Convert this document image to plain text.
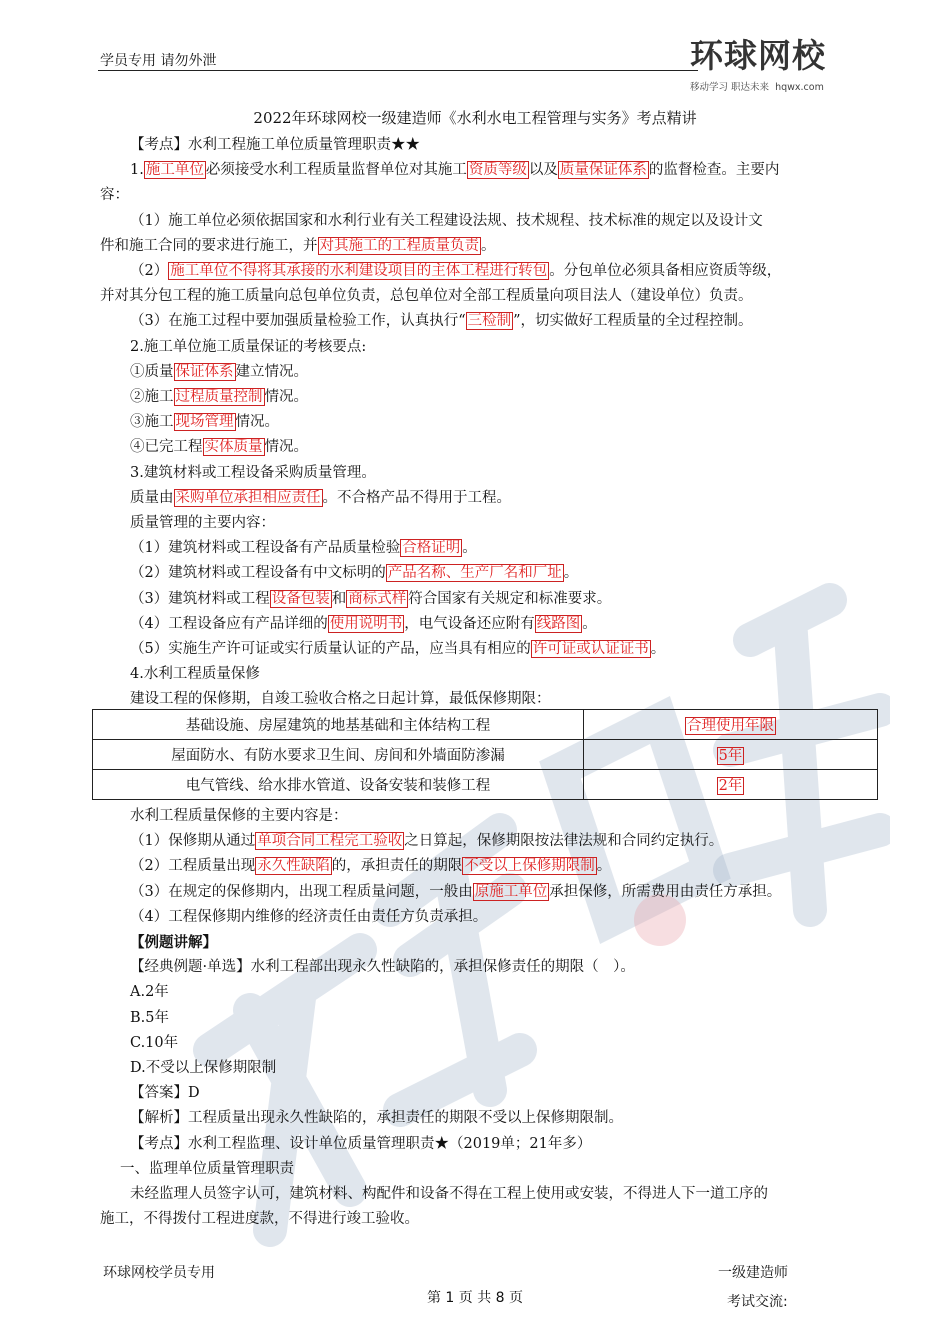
学员专用 请勿外泄	环球网校
移动学习 职达未来 hqwx.com
2022年环球网校一级建造师《水利水电工程管理与实务》考点精讲

【考点】水利工程施工单位质量管理职责★★

1. 施工单位 必须接受水利工程质量监督单位对其施工 资质等级 以及 质量保证体系 的监督检查。主要内

容：

（1）施工单位必须依据国家和水利行业有关工程建设法规、技术规程、技术标准的规定以及设计文

件和施工合同的要求进行施工，并 对其施工的工程质量负责 。

（2） 施工单位不得将其承接的水利建设项目的主体工程进行转包 。分包单位必须具备相应资质等级，

并对其分包工程的施工质量向总包单位负责，总包单位对全部工程质量向项目法人（建设单位）负责。

（3）在施工过程中要加强质量检验工作，认真执行“ 三检制 ”，切实做好工程质量的全过程控制。

2.施工单位施工质量保证的考核要点:

①质量 保证体系 建立情况。

②施工 过程质量控制 情况。

③施工 现场管理 情况。

④已完工程 实体质量 情况。

3.建筑材料或工程设备采购质量管理。

质量由 采购单位承担相应责任 。不合格产品不得用于工程。

质量管理的主要内容：

（1）建筑材料或工程设备有产品质量检验 合格证明 。

（2）建筑材料或工程设备有中文标明的 产品名称、生产厂名和厂址 。

（3）建筑材料或工程 设备包装 和 商标式样 符合国家有关规定和标准要求。

（4）工程设备应有产品详细的 使用说明书 ，电气设备还应附有 线路图 。

（5）实施生产许可证或实行质量认证的产品，应当具有相应的 许可证或认证证书 。

4.水利工程质量保修

建设工程的保修期，自竣工验收合格之日起计算，最低保修期限：

基础设施、房屋建筑的地基基础和主体结构工程	合理使用年限
屋面防水、有防水要求卫生间、房间和外墙面防渗漏	5年
电气管线、给水排水管道、设备安装和装修工程	2年

水利工程质量保修的主要内容是：

（1）保修期从通过 单项合同工程完工验收 之日算起，保修期限按法律法规和合同约定执行。

（2）工程质量出现 永久性缺陷 的，承担责任的期限 不受以上保修期限制 。

（3）在规定的保修期内，出现工程质量问题，一般由 原施工单位 承担保修，所需费用由责任方承担。

（4）工程保修期内维修的经济责任由责任方负责承担。

【例题讲解】

【经典例题·单选】水利工程部出现永久性缺陷的，承担保修责任的期限（　）。

A.2年

B.5年

C.10年

D.不受以上保修期限制

【答案】D

【解析】工程质量出现永久性缺陷的，承担责任的期限不受以上保修期限制。

【考点】水利工程监理、设计单位质量管理职责★（2019单；21年多）

一、监理单位质量管理职责

未经监理人员签字认可，建筑材料、构配件和设备不得在工程上使用或安装，不得进人下一道工序的

施工，不得拨付工程进度款，不得进行竣工验收。

环球网校学员专用	一级建造师
第 1 页 共 8 页	考试交流:
